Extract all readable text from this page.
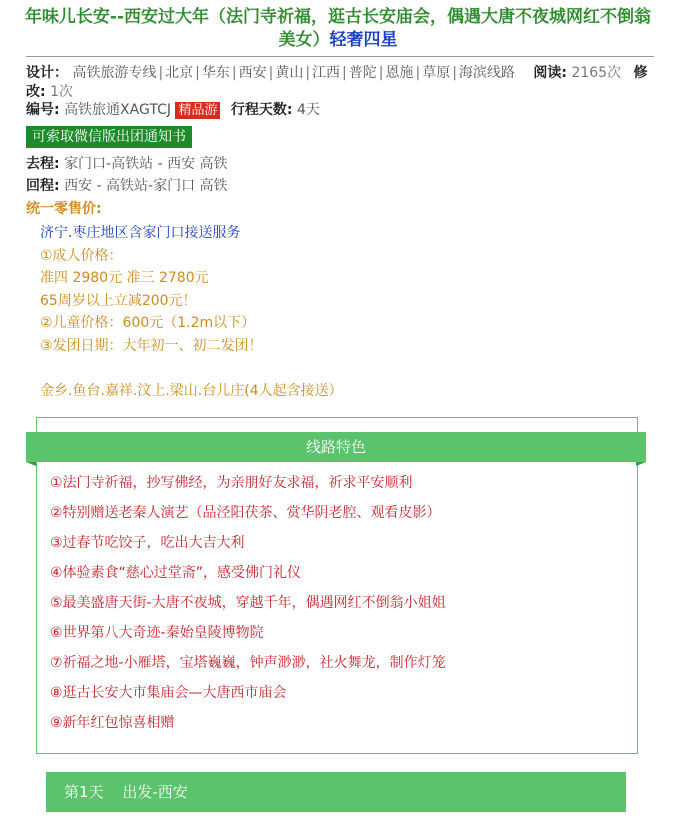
年味儿长安--西安过大年（法门寺祈福，逛古长安庙会，偶遇大唐不夜城网红不倒翁美女）轻奢四星
设计： 高铁旅游专线 | 北京 | 华东 | 西安 | 黄山 | 江西 | 普陀 | 恩施 | 草原 | 海滨线路 阅读: 2165次 修改: 1次
编号: 高铁旅通XAGTCJ 精品游 行程天数: 4天
可索取微信版出团通知书
去程: 家门口-高铁站 - 西安 高铁
回程: 西安 - 高铁站-家门口 高铁
统一零售价:
济宁.枣庄地区含家门口接送服务
①成人价格：
准四 2980元 准三 2780元
65周岁以上立减200元！
②儿童价格：600元（1.2m以下）
③发团日期：大年初一、初二发团！
金乡.鱼台.嘉祥.汶上.梁山.台儿庄(4人起含接送）
线路特色
①法门寺祈福，抄写佛经，为亲朋好友求福，祈求平安顺利
②特别赠送老秦人演艺（品泾阳茯茶、赏华阴老腔、观看皮影）
③过春节吃饺子，吃出大吉大利
④体验素食“慈心过堂斋”，感受佛门礼仪
⑤最美盛唐天街-大唐不夜城，穿越千年，偶遇网红不倒翁小姐姐
⑥世界第八大奇迹-秦始皇陵博物院
⑦祈福之地-小雁塔，宝塔巍巍，钟声渺渺，社火舞龙，制作灯笼
⑧逛古长安大市集庙会—大唐西市庙会
⑨新年红包惊喜相赠
第1天 出发-西安
